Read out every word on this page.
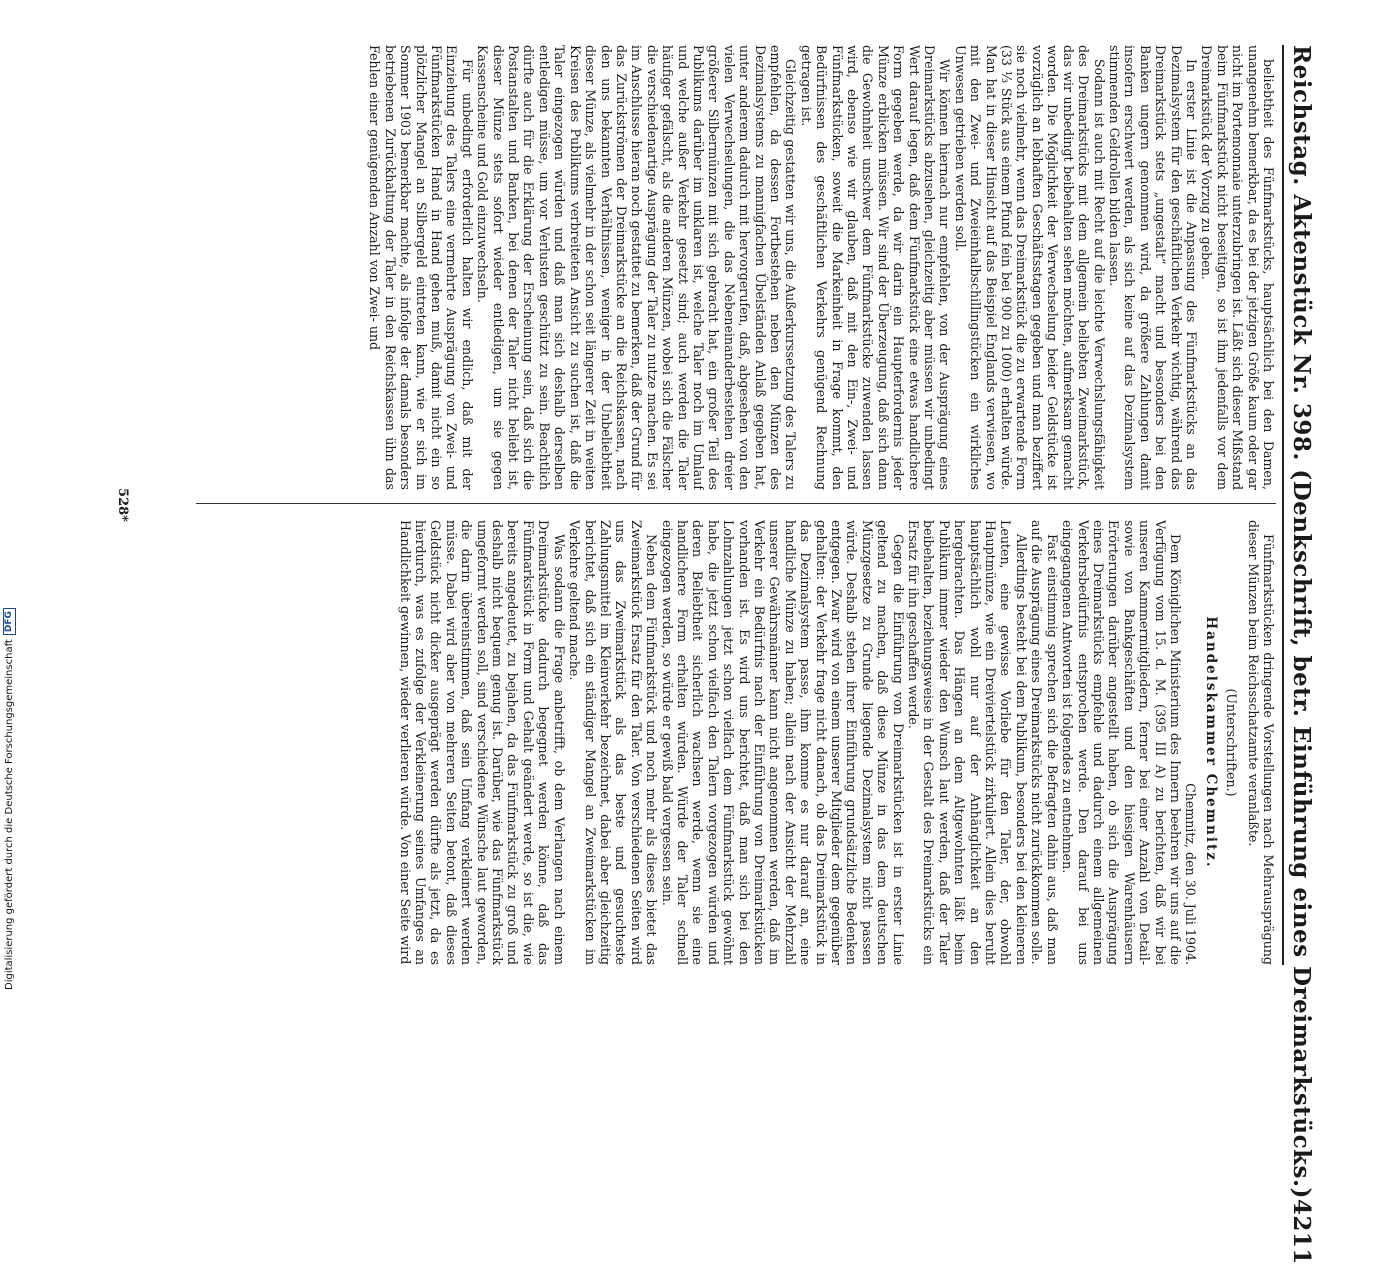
Reichstag. Aktenstück Nr. 398. (Denkschrift, betr. Einführung eines Dreimarkstücks.)
4211

beliebtheit des Fünfmarkstücks, hauptsächlich bei den Damen, unangenehm bemerkbar, da es bei der jetzigen Größe kaum oder gar nicht im Portemonnaie unterzubringen ist. Läßt sich dieser Mißstand beim Fünfmarkstück nicht beseitigen, so ist ihm jedenfalls vor dem Dreimarkstück der Vorzug zu geben.

In erster Linie ist die Anpassung des Fünfmarkstücks an das Dezimalsystem für den geschäftlichen Verkehr wichtig, während das Dreimarkstück stets „ungestalt“ macht und besonders bei den Banken ungern genommen wird, da größere Zahlungen damit insofern erschwert werden, als sich keine auf das Dezimalsystem stimmenden Geldrollen bilden lassen.

Sodann ist auch mit Recht auf die leichte Verwechslungsfähigkeit des Dreimarkstücks mit dem allgemein beliebten Zweimarkstück, das wir unbedingt beibehalten sehen möchten, aufmerksam gemacht worden. Die Möglichkeit der Verwechselung beider Geldstücke ist vorzüglich an lebhaften Geschäftsstagen gegeben und man beziffert sie noch vielmehr, wenn das Dreimarkstück die zu erwartende Form (33 ⅓ Stück aus einem Pfund fein bei 900 zu 1000) erhalten würde. Man hat in dieser Hinsicht auf das Beispiel Englands verwiesen, wo mit den Zwei- und Zweieinhalbschillingstücken ein wirkliches Unwesen getrieben werden soll.

Wir können hiernach nur empfehlen, von der Ausprägung eines Dreimarkstücks abzusehen, gleichzeitig aber müssen wir unbedingt Wert darauf legen, daß dem Fünfmarkstück eine etwas handlichere Form gegeben werde, da wir darin ein Haupterfordernis jeder Münze erblicken müssen. Wir sind der Überzeugung, daß sich dann die Gewohnheit unschwer dem Fünfmarkstücke zuwenden lassen wird, ebenso wie wir glauben, daß mit den Ein-, Zwei- und Fünfmarkstücken, soweit die Markeinheit in Frage kommt, den Bedürfnissen des geschäftlichen Verkehrs genügend Rechnung getragen ist.

Gleichzeitig gestatten wir uns, die Außerkurssetzung des Talers zu empfehlen, da dessen Fortbestehen neben den Münzen des Dezimalsystems zu mannigfachen Übelständen Anlaß gegeben hat, unter anderem dadurch mit hervorgerufen, daß, abgesehen von den vielen Verwechselungen, die das Nebeneinanderbestehen dreier größerer Silbermünzen mit sich gebracht hat, ein großer Teil des Publikums darüber im unklaren ist, welche Taler noch im Umlauf und welche außer Verkehr gesetzt sind; auch werden die Taler häufiger gefälscht, als die anderen Münzen, wobei sich die Fälscher die verschiedenartige Ausprägung der Taler zu nutze machen. Es sei im Anschlusse hieran noch gestattet zu bemerken, daß der Grund für das Zurückströmen der Dreimarkstücke an die Reichskassen, nach den uns bekannten Verhältnissen, weniger in der Unbeliebtheit dieser Münze, als vielmehr in der schon seit längerer Zeit in weiten Kreisen des Publikums verbreiteten Ansicht zu suchen ist, daß die Taler eingezogen würden und daß man sich deshalb derselben entledigen müsse, um vor Verlusten geschützt zu sein. Beachtlich dürfte auch für die Erklärung der Erscheinung sein, daß sich die Postanstalten und Banken, bei denen der Taler nicht beliebt ist, dieser Münze stets sofort wieder entledigen, um sie gegen Kassenscheine und Gold einzuwechseln.

Für unbedingt erforderlich halten wir endlich, daß mit der Einziehung des Talers eine vermehrte Ausprägung von Zwei- und Fünfmarkstücken Hand in Hand gehen muß, damit nicht ein so plötzlicher Mangel an Silbergeld eintreten kann, wie er sich im Sommer 1903 bemerkbar machte, als infolge der damals besonders betriebenen Zurückhaltung der Taler in den Reichskassen ühn das Fehlen einer genügenden Anzahl von Zwei- und

Fünfmarkstücken dringende Vorstellungen nach Mehrausprägung dieser Münzen beim Reichsschatzamte veranlaßte.

(Unterschriften.)

Handelskammer Chemnitz.

Chemnitz, den 30. Juli 1904.

Dem Königlichen Ministerium des Innern beehren wir uns auf die Verfügung vom 15. d. M. (395 III A) zu berichten, daß wir bei unseren Kammermitgliedern, ferner bei einer Anzahl von Detail- sowie von Bankgeschäften und den hiesigen Warenhäusern Erörterungen darüber angestellt haben, ob sich die Ausprägung eines Dreimarkstücks empfehle und dadurch einem allgemeinen Verkehrsbedürfnis entsprochen werde. Den darauf bei uns eingegangenen Antworten ist folgendes zu entnehmen.

Fast einstimmig sprechen sich die Befragten dahin aus, daß man auf die Ausprägung eines Dreimarkstücks nicht zurückkommen solle.

Allerdings besteht bei dem Publikum, besonders bei den kleineren Leuten, eine gewisse Vorliebe für den Taler, der, obwohl Hauptmünze, wie ein Dreiviertelstück zirkuliert. Allein dies beruht hauptsächlich wohl nur auf der Anhänglichkeit an den hergebrachten. Das Hängen an dem Altgewohnten läßt beim Publikum immer wieder den Wunsch laut werden, daß der Taler beibehalten, beziehungsweise in der Gestalt des Dreimarkstücks ein Ersatz für ihn geschaffen werde.

Gegen die Einführung von Dreimarkstücken ist in erster Linie geltend zu machen, daß diese Münze in das dem deutschen Münzgesetze zu Grunde liegende Dezimalsystem nicht passen würde. Deshalb stehen ihrer Einführung grundsätzliche Bedenken entgegen. Zwar wird von einem unserer Mitglieder dem gegenüber gehalten: der Verkehr frage nicht danach, ob das Dreimarkstück in das Dezimalsystem passe, ihm komme es nur darauf an, eine handliche Münze zu haben; allein nach der Ansicht der Mehrzahl unserer Gewährsmänner kann nicht angenommen werden, daß im Verkehr ein Bedürfnis nach der Einführung von Dreimarkstücken vorhanden ist. Es wird uns berichtet, daß man sich bei den Lohnzahlungen jetzt schon vielfach dem Fünfmarkstück gewöhnt habe, die jetzt schon vielfach den Talern vorgezogen würden und deren Beliebtheit sicherlich wachsen werde, wenn sie eine handlichere Form erhalten würden. Würde der Taler schnell eingezogen werden, so würde er gewiß bald vergessen sein.

Neben dem Fünfmarkstück und noch mehr als dieses bietet das Zweimarkstück Ersatz für den Taler. Von verschiedenen Seiten wird uns das Zweimarkstück als das beste und gesuchteste Zahlungsmittel im Kleinverkehr bezeichnet, dabei aber gleichzeitig berichtet, daß sich ein ständiger Mangel an Zweimarkstücken im Verkehre geltend mache.

Was sodann die Frage anbetrifft, ob dem Verlangen nach einem Dreimarkstücke dadurch begegnet werden könne, daß das Fünfmarkstück in Form und Gehalt geändert werde, so ist die, wie bereits angedeutet, zu bejahen, da das Fünfmarkstück zu groß und deshalb nicht bequem genug ist. Darüber, wie das Fünfmarkstück umgeformt werden soll, sind verschiedene Wünsche laut geworden, die darin übereinstimmen, daß sein Umfang verkleinert werden müsse. Dabei wird aber von mehreren Seiten betont, daß dieses Geldstück nicht dicker ausgeprägt werden dürfte als jetzt, da es hierdurch, was es zufolge der Verkleinerung seines Umfanges an Handlichkeit gewinnen, wieder verlieren würde. Von einer Seite wird

528*
Digitalisierung gefördert durch die Deutsche Forschungsgemeinschaft
DFG
